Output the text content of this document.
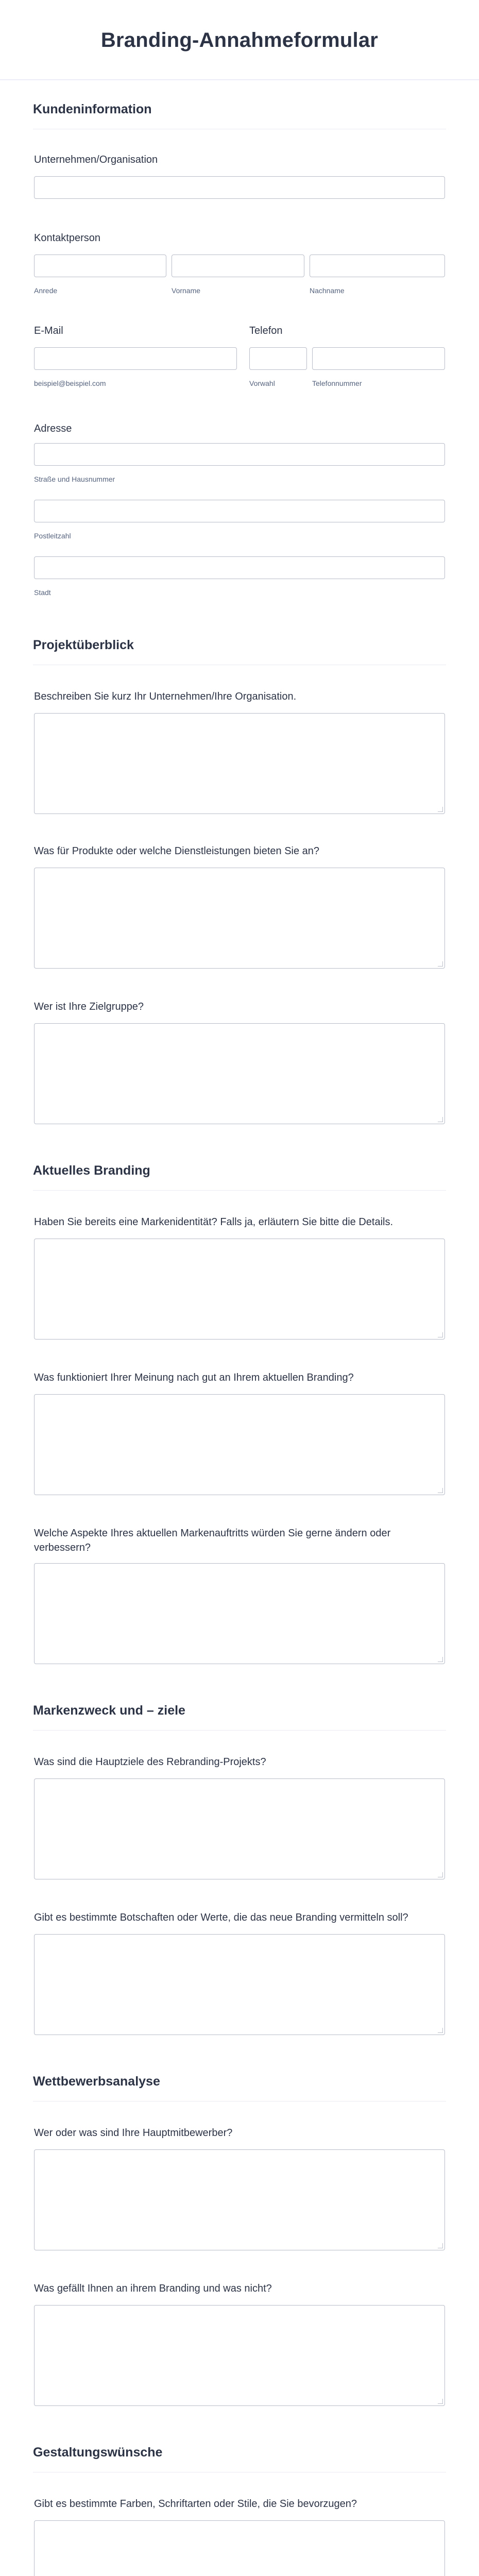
Branding-Annahmeformular
Kundeninformation
Unternehmen/Organisation
Kontaktperson
Anrede	Vorname	Nachname
E-Mail	Telefon
beispiel@beispiel.com	Vorwahl	Telefonnummer
Adresse
Straße und Hausnummer
Postleitzahl
Stadt
Projektüberblick
Beschreiben Sie kurz Ihr Unternehmen/Ihre Organisation.
Was für Produkte oder welche Dienstleistungen bieten Sie an?
Wer ist Ihre Zielgruppe?
Aktuelles Branding
Haben Sie bereits eine Markenidentität? Falls ja, erläutern Sie bitte die Details.
Was funktioniert Ihrer Meinung nach gut an Ihrem aktuellen Branding?
Welche Aspekte Ihres aktuellen Markenauftritts würden Sie gerne ändern oder verbessern?
Markenzweck und – ziele
Was sind die Hauptziele des Rebranding-Projekts?
Gibt es bestimmte Botschaften oder Werte, die das neue Branding vermitteln soll?
Wettbewerbsanalyse
Wer oder was sind Ihre Hauptmitbewerber?
Was gefällt Ihnen an ihrem Branding und was nicht?
Gestaltungswünsche
Gibt es bestimmte Farben, Schriftarten oder Stile, die Sie bevorzugen?
